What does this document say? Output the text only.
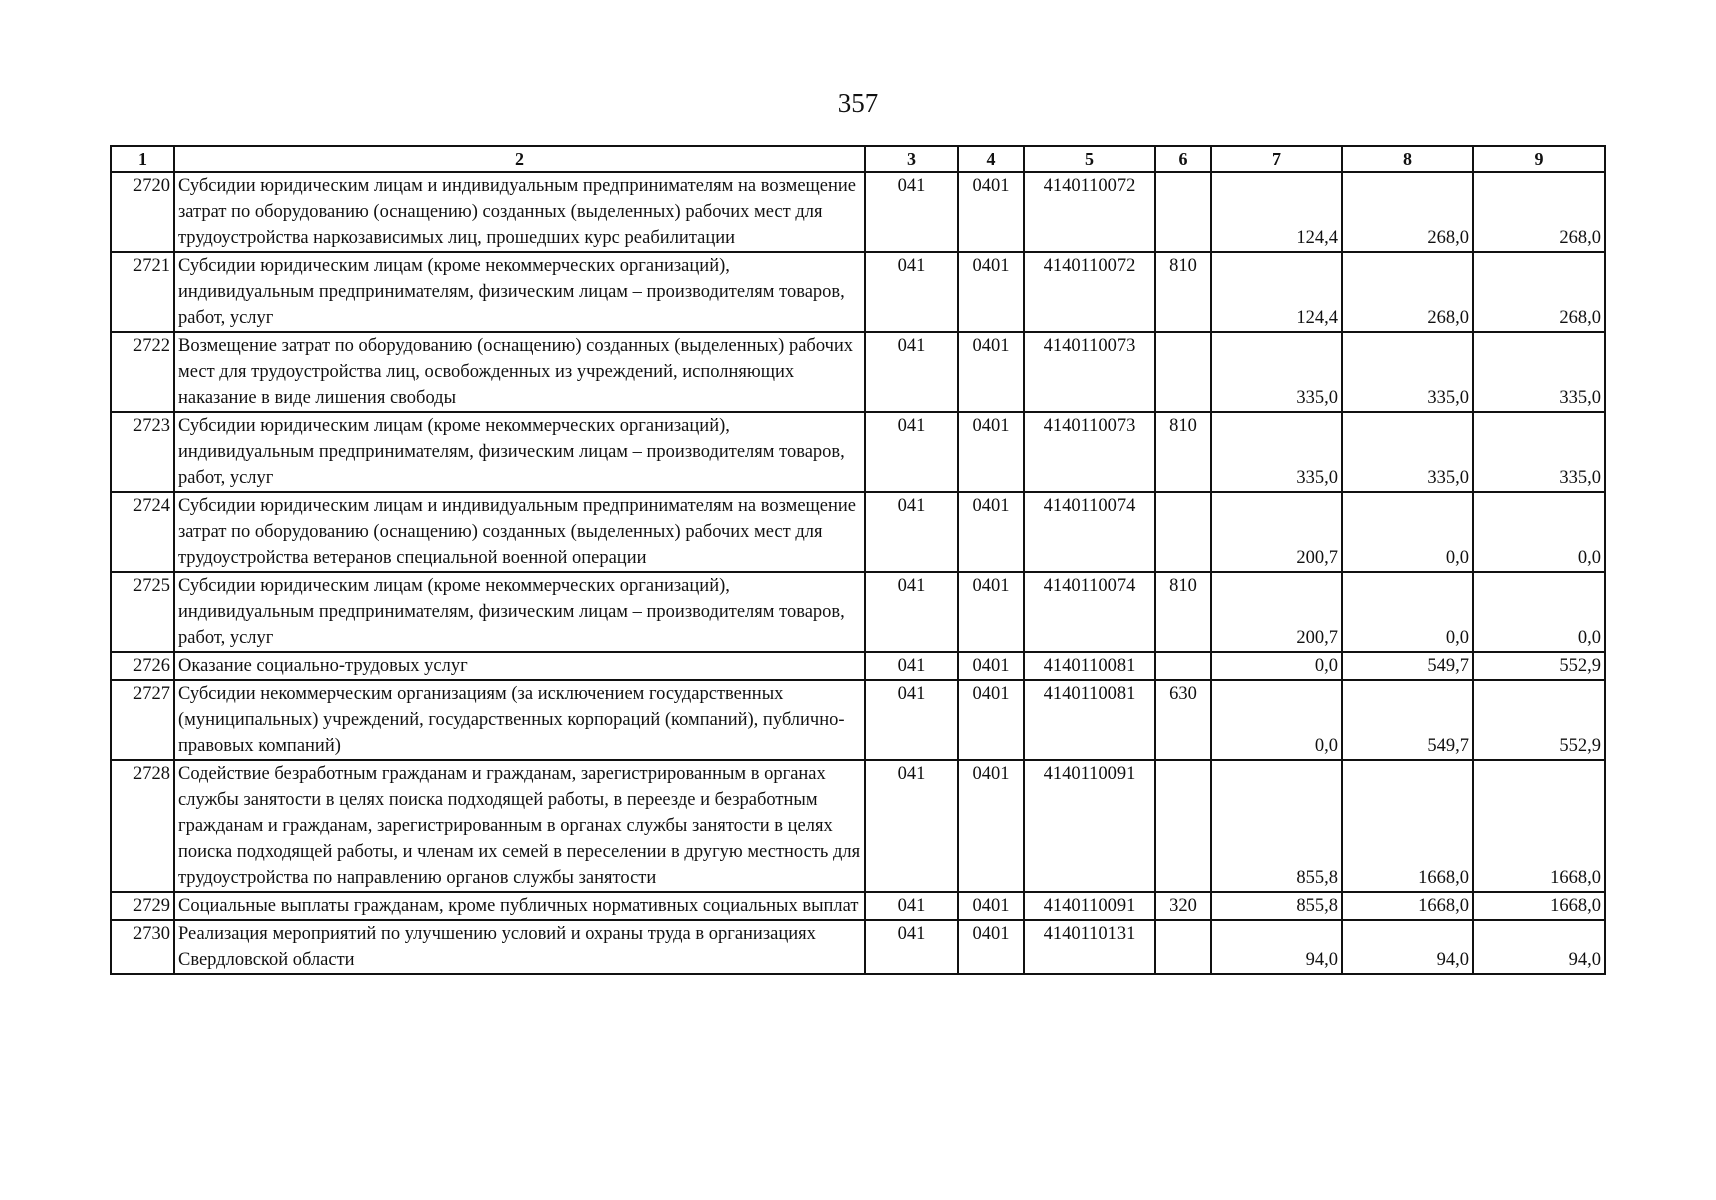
357
1	2	3	4	5	6	7	8	9
2720	Субсидии юридическим лицам и индивидуальным предпринимателям на возмещение затрат по оборудованию (оснащению) созданных (выделенных) рабочих мест для трудоустройства наркозависимых лиц, прошедших курс реабилитации	041	0401	4140110072		124,4	268,0	268,0
2721	Субсидии юридическим лицам (кроме некоммерческих организаций), индивидуальным предпринимателям, физическим лицам – производителям товаров, работ, услуг	041	0401	4140110072	810	124,4	268,0	268,0
2722	Возмещение затрат по оборудованию (оснащению) созданных (выделенных) рабочих мест для трудоустройства лиц, освобожденных из учреждений, исполняющих наказание в виде лишения свободы	041	0401	4140110073		335,0	335,0	335,0
2723	Субсидии юридическим лицам (кроме некоммерческих организаций), индивидуальным предпринимателям, физическим лицам – производителям товаров, работ, услуг	041	0401	4140110073	810	335,0	335,0	335,0
2724	Субсидии юридическим лицам и индивидуальным предпринимателям на возмещение затрат по оборудованию (оснащению) созданных (выделенных) рабочих мест для трудоустройства ветеранов специальной военной операции	041	0401	4140110074		200,7	0,0	0,0
2725	Субсидии юридическим лицам (кроме некоммерческих организаций), индивидуальным предпринимателям, физическим лицам – производителям товаров, работ, услуг	041	0401	4140110074	810	200,7	0,0	0,0
2726	Оказание социально-трудовых услуг	041	0401	4140110081		0,0	549,7	552,9
2727	Субсидии некоммерческим организациям (за исключением государственных (муниципальных) учреждений, государственных корпораций (компаний), публично-правовых компаний)	041	0401	4140110081	630	0,0	549,7	552,9
2728	Содействие безработным гражданам и гражданам, зарегистрированным в органах службы занятости в целях поиска подходящей работы, в переезде и безработным гражданам и гражданам, зарегистрированным в органах службы занятости в целях поиска подходящей работы, и членам их семей в переселении в другую местность для трудоустройства по направлению органов службы занятости	041	0401	4140110091		855,8	1668,0	1668,0
2729	Социальные выплаты гражданам, кроме публичных нормативных социальных выплат	041	0401	4140110091	320	855,8	1668,0	1668,0
2730	Реализация мероприятий по улучшению условий и охраны труда в организациях Свердловской области	041	0401	4140110131		94,0	94,0	94,0
